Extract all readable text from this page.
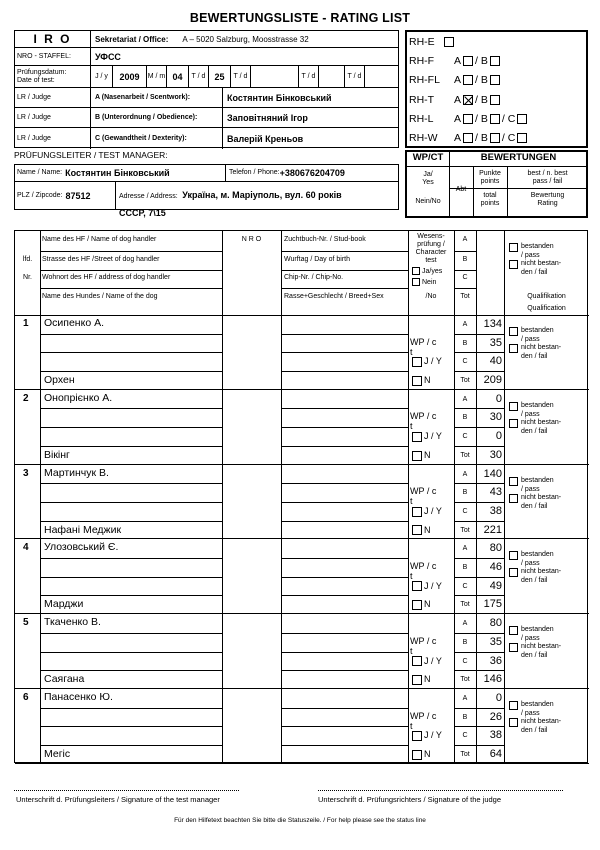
BEWERTUNGSLISTE - RATING LIST
I R O	Sekretariat / Office: A – 5020 Salzburg, Moosstrasse 32
NRO - STAFFEL:	УФСС
Prüfungsdatum:
Date of test:
J / y	2009	M / m 04	T / d	25	T / d	T / d	T / d
LR / Judge	A (Nasenarbeit / Scentwork):	Костянтин Бінковський
LR / Judge	B (Unterordnung / Obedience):	Заповітняний Ігор
LR / Judge	C (Gewandtheit / Dexterity):	Валерій Креньов
RH-E
RH-F	A / B
RH-FL	A / B
RH-T	A / B
RH-L	A / B / C
RH-W	A / B / C
PRÜFUNGSLEITER / TEST MANAGER:
Name / Name: Костянтин Бінковський	Telefon / Phone: +380676204709
PLZ / Zipcode: 87512	Adresse / Address: Україна, м. Маріуполь, вул. 60 років
СССР, 7\15
WP/CT	BEWERTUNGEN
Ja/
Yes
Nein/No
Abt
Punkte
points
best / n. best
pass / fail
total
points
Bewertung
Rating
Name des HF / Name of dog handler
Strasse des HF /Street of dog handler
Wohnort des HF / address of dog handler
Name des Hundes / Name of the dog
lfd.
Nr.
N R O	Zuchtbuch-Nr. / Stud-book
Wurftag / Day of birth
Chip-Nr. / Chip-No.
Rasse+Geschlecht / Breed+Sex
Wesens-
prüfung /
Character
test
Ja/yes
Nein
/No
A
B
C
Tot
bestanden
/ pass
nicht bestan-
den / fail
Qualifikation
Qualification
1 Осипенко А.
Орхен
WP / c
t
J / Y
N
A	134
B	35
C	40
Tot	209
bestanden
/ pass
nicht bestan-
den / fail
2 Онопрієнко А.
Вікінг
WP / c
t
J / Y
N
A	0
B	30
C	0
Tot	30
bestanden
/ pass
nicht bestan-
den / fail
3 Мартинчук В.
Нафані Меджик
WP / c
t
J / Y
N
A	140
B	43
C	38
Tot	221
bestanden
/ pass
nicht bestan-
den / fail
4 Улозовський Є.
Марджи
WP / c
t
J / Y
N
A	80
B	46
C	49
Tot	175
bestanden
/ pass
nicht bestan-
den / fail
5 Ткаченко В.
Саягана
WP / c
t
J / Y
N
A	80
B	35
C	36
Tot	146
bestanden
/ pass
nicht bestan-
den / fail
6 Панасенко Ю.
Мегіс
WP / c
t
J / Y
N
A	0
B	26
C	38
Tot	64
bestanden
/ pass
nicht bestan-
den / fail
Unterschrift d. Prüfungsleiters / Signature of the test manager	Unterschrift d. Prüfungsrichters / Signature of the judge
Für den Hilfetext beachten Sie bitte die Statuszeile. / For help please see the status line
